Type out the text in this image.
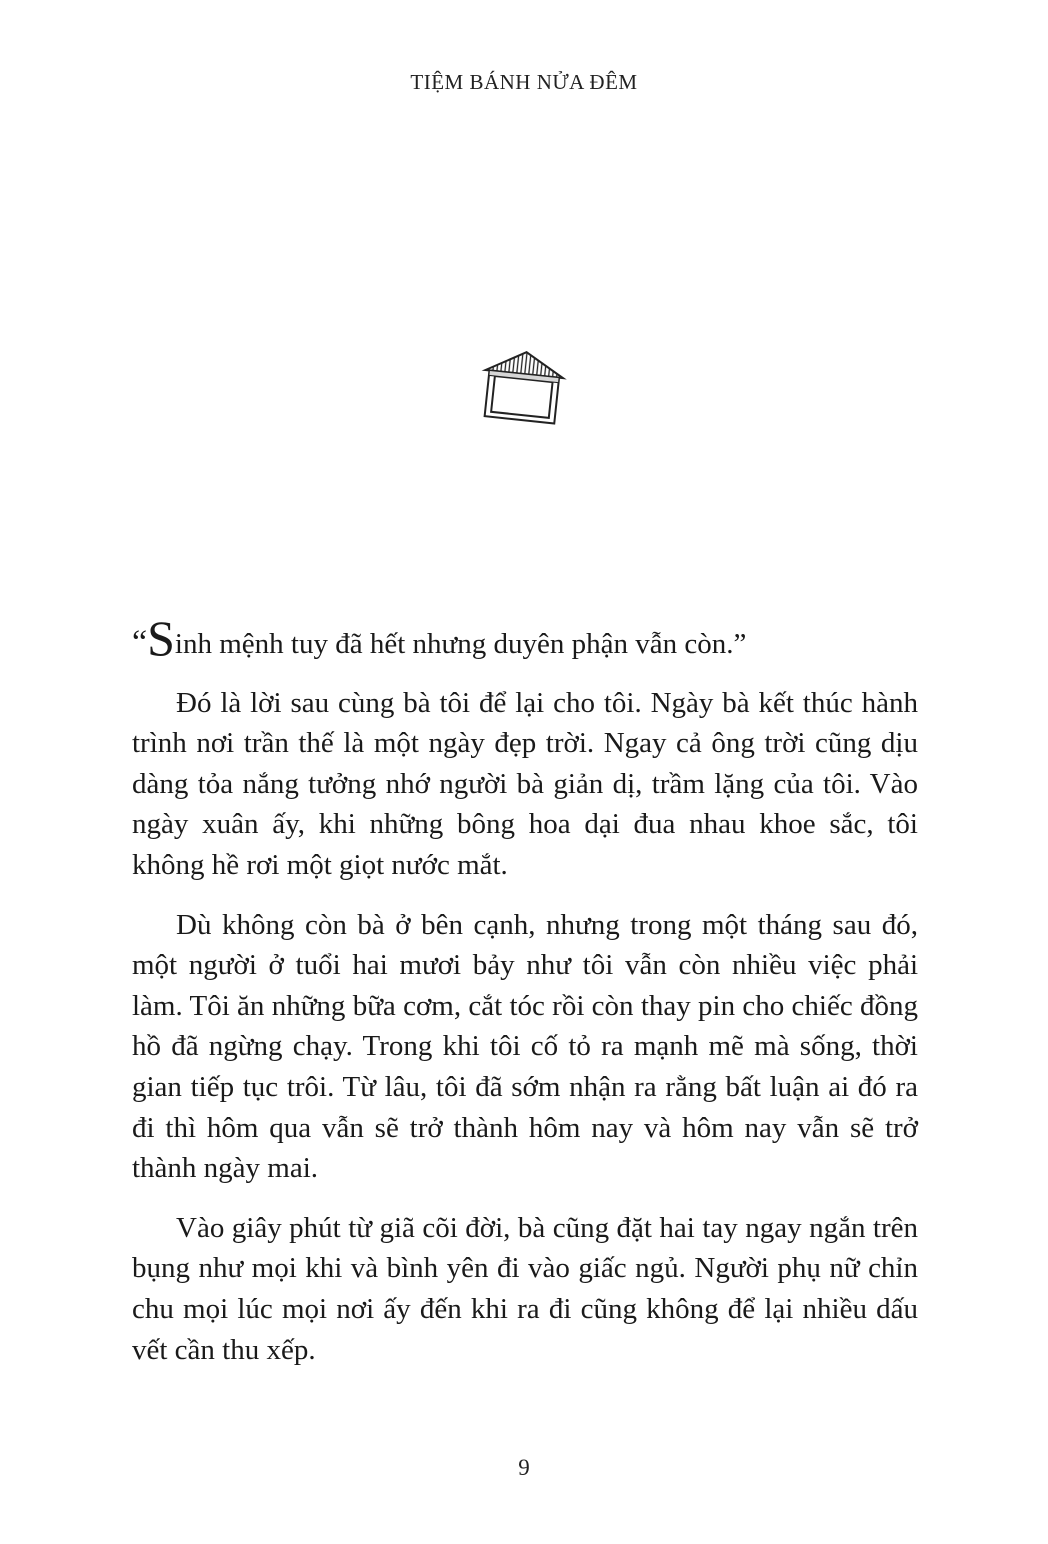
TIỆM BÁNH NỬA ĐÊM

“Sinh mệnh tuy đã hết nhưng duyên phận vẫn còn.”

Đó là lời sau cùng bà tôi để lại cho tôi. Ngày bà kết thúc hành trình nơi trần thế là một ngày đẹp trời. Ngay cả ông trời cũng dịu dàng tỏa nắng tưởng nhớ người bà giản dị, trầm lặng của tôi. Vào ngày xuân ấy, khi những bông hoa dại đua nhau khoe sắc, tôi không hề rơi một giọt nước mắt.

Dù không còn bà ở bên cạnh, nhưng trong một tháng sau đó, một người ở tuổi hai mươi bảy như tôi vẫn còn nhiều việc phải làm. Tôi ăn những bữa cơm, cắt tóc rồi còn thay pin cho chiếc đồng hồ đã ngừng chạy. Trong khi tôi cố tỏ ra mạnh mẽ mà sống, thời gian tiếp tục trôi. Từ lâu, tôi đã sớm nhận ra rằng bất luận ai đó ra đi thì hôm qua vẫn sẽ trở thành hôm nay và hôm nay vẫn sẽ trở thành ngày mai.

Vào giây phút từ giã cõi đời, bà cũng đặt hai tay ngay ngắn trên bụng như mọi khi và bình yên đi vào giấc ngủ. Người phụ nữ chỉn chu mọi lúc mọi nơi ấy đến khi ra đi cũng không để lại nhiều dấu vết cần thu xếp.

9
